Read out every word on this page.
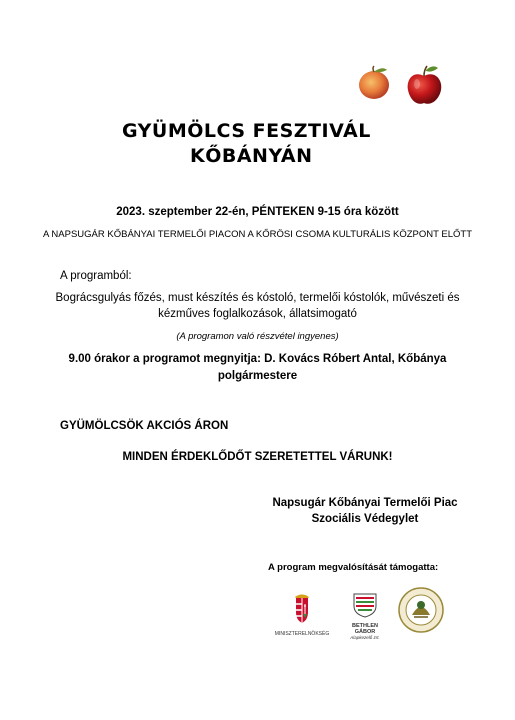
GYÜMÖLCS FESZTIVÁL
KŐBÁNYÁN
2023. szeptember 22-én, PÉNTEKEN 9-15 óra között
A NAPSUGÁR KŐBÁNYAI TERMELŐI PIACON A KŐRÖSI CSOMA KULTURÁLIS KÖZPONT ELŐTT
A programból:
Bográcsgulyás főzés, must készítés és kóstoló, termelői kóstolók, művészeti és
kézműves foglalkozások, állatsimogató
(A programon való részvétel ingyenes)
9.00 órakor a programot megnyitja: D. Kovács Róbert Antal, Kőbánya
polgármestere
GYÜMÖLCSÖK AKCIÓS ÁRON
MINDEN ÉRDEKLŐDŐT SZERETETTEL VÁRUNK!
Napsugár Kőbányai Termelői Piac
Szociális Védegylet
A program megvalósítását támogatta:
MINISZTERELNÖKSÉG
BETHLEN GÁBOR
Alapkezelő zrt.
